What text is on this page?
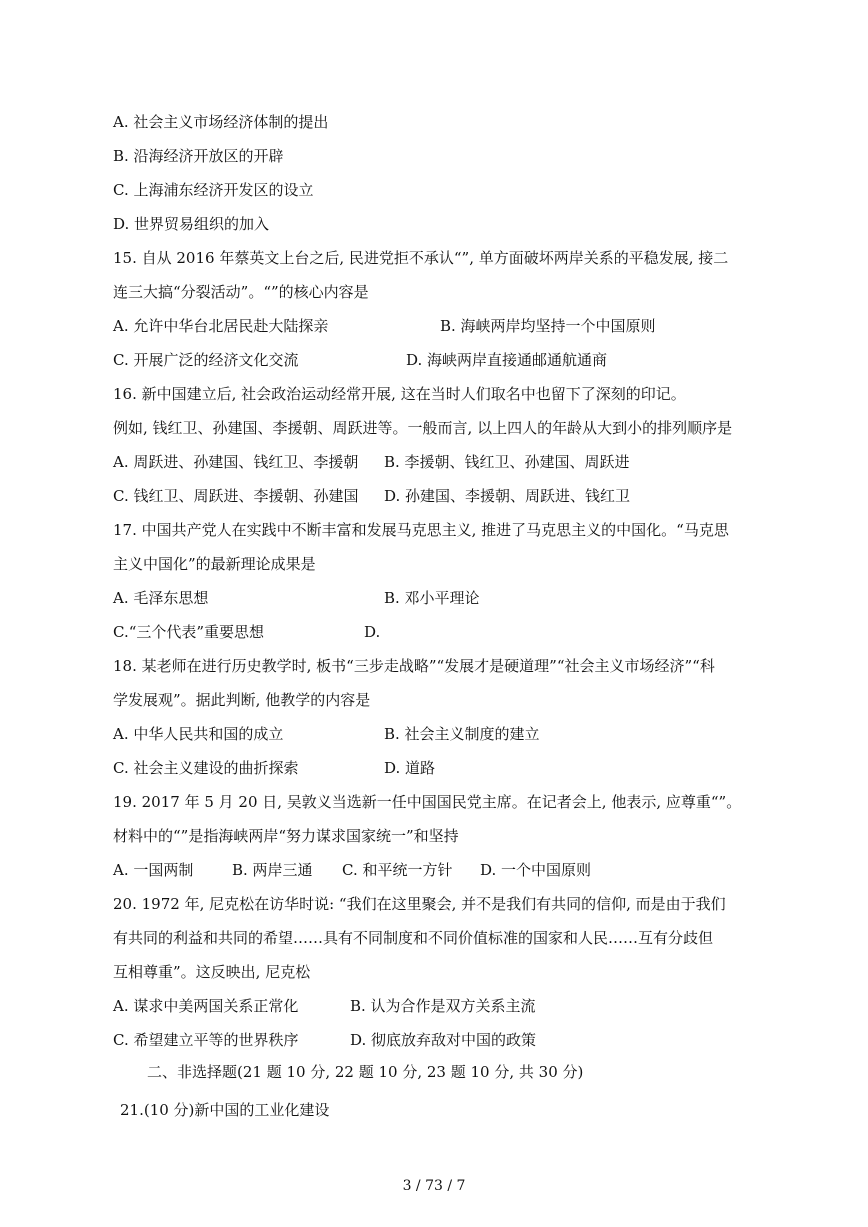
A. 社会主义市场经济体制的提出
B. 沿海经济开放区的开辟
C. 上海浦东经济开发区的设立
D. 世界贸易组织的加入
15. 自从 2016 年蔡英文上台之后, 民进党拒不承认“”, 单方面破坏两岸关系的平稳发展, 接二
连三大搞“分裂活动”。“”的核心内容是
A. 允许中华台北居民赴大陆探亲	B. 海峡两岸均坚持一个中国原则
C. 开展广泛的经济文化交流	D. 海峡两岸直接通邮通航通商
16. 新中国建立后, 社会政治运动经常开展, 这在当时人们取名中也留下了深刻的印记。
例如, 钱红卫、孙建国、李援朝、周跃进等。一般而言, 以上四人的年龄从大到小的排列顺序是
A. 周跃进、孙建国、钱红卫、李援朝 B. 李援朝、钱红卫、孙建国、周跃进
C. 钱红卫、周跃进、李援朝、孙建国 D. 孙建国、李援朝、周跃进、钱红卫
17. 中国共产党人在实践中不断丰富和发展马克思主义, 推进了马克思主义的中国化。“马克思
主义中国化”的最新理论成果是
A. 毛泽东思想	B. 邓小平理论
C.“三个代表”重要思想	D.
18. 某老师在进行历史教学时, 板书“三步走战略”“发展才是硬道理”“社会主义市场经济”“科
学发展观”。据此判断, 他教学的内容是
A. 中华人民共和国的成立	B. 社会主义制度的建立
C. 社会主义建设的曲折探索	D. 道路
19. 2017 年 5 月 20 日, 吴敦义当选新一任中国国民党主席。在记者会上, 他表示, 应尊重“”。
材料中的“”是指海峡两岸“努力谋求国家统一”和坚持
A. 一国两制	B. 两岸三通 C. 和平统一方针 D. 一个中国原则
20. 1972 年, 尼克松在访华时说: “我们在这里聚会, 并不是我们有共同的信仰, 而是由于我们
有共同的利益和共同的希望……具有不同制度和不同价值标准的国家和人民……互有分歧但
互相尊重”。这反映出, 尼克松
A. 谋求中美两国关系正常化	B. 认为合作是双方关系主流
C. 希望建立平等的世界秩序	D. 彻底放弃敌对中国的政策
二、非选择题(21 题 10 分, 22 题 10 分, 23 题 10 分, 共 30 分)
21.(10 分)新中国的工业化建设
3 / 73 / 7
